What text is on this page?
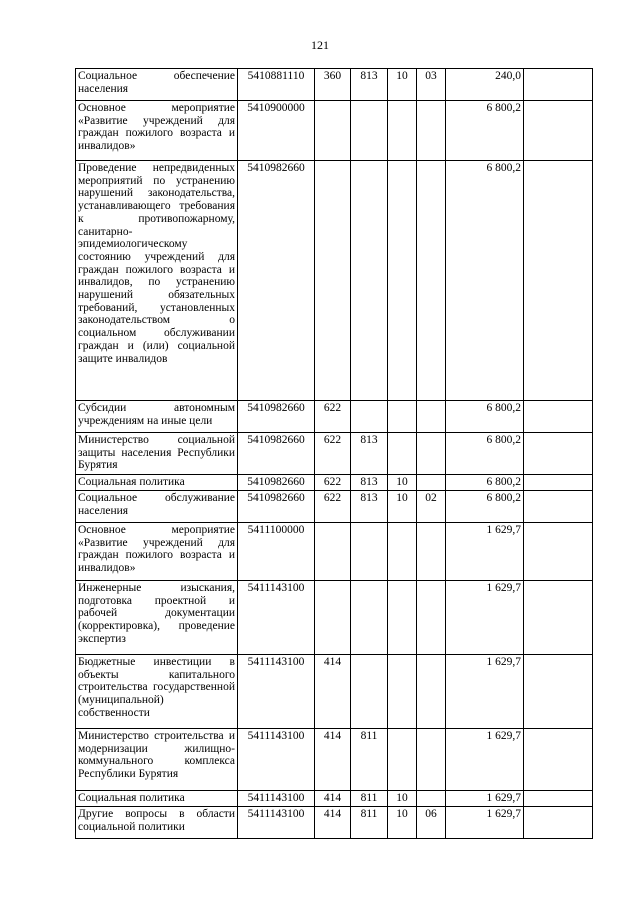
121
Социальное обеспечение населения	5410881110	360	813	10	03	240,0	
Основное мероприятие «Развитие учреждений для граждан пожилого возраста и инвалидов»	5410900000					6 800,2	
Проведение непредвиденных мероприятий по устранению нарушений законодательства, устанавливающего требования к противопожарному, санитарно-эпидемиологическому состоянию учреждений для граждан пожилого возраста и инвалидов, по устранению нарушений обязательных требований, установленных законодательством о социальном обслуживании граждан и (или) социальной защите инвалидов	5410982660					6 800,2	
Субсидии автономным учреждениям на иные цели	5410982660	622				6 800,2	
Министерство социальной защиты населения Республики Бурятия	5410982660	622	813			6 800,2	
Социальная политика	5410982660	622	813	10		6 800,2	
Социальное обслуживание населения	5410982660	622	813	10	02	6 800,2	
Основное мероприятие «Развитие учреждений для граждан пожилого возраста и инвалидов»	5411100000					1 629,7	
Инженерные изыскания, подготовка проектной и рабочей документации (корректировка), проведение экспертиз	5411143100					1 629,7	
Бюджетные инвестиции в объекты капитального строительства государственной (муниципальной) собственности	5411143100	414				1 629,7	
Министерство строительства и модернизации жилищно-коммунального комплекса Республики Бурятия	5411143100	414	811			1 629,7	
Социальная политика	5411143100	414	811	10		1 629,7	
Другие вопросы в области социальной политики	5411143100	414	811	10	06	1 629,7	
